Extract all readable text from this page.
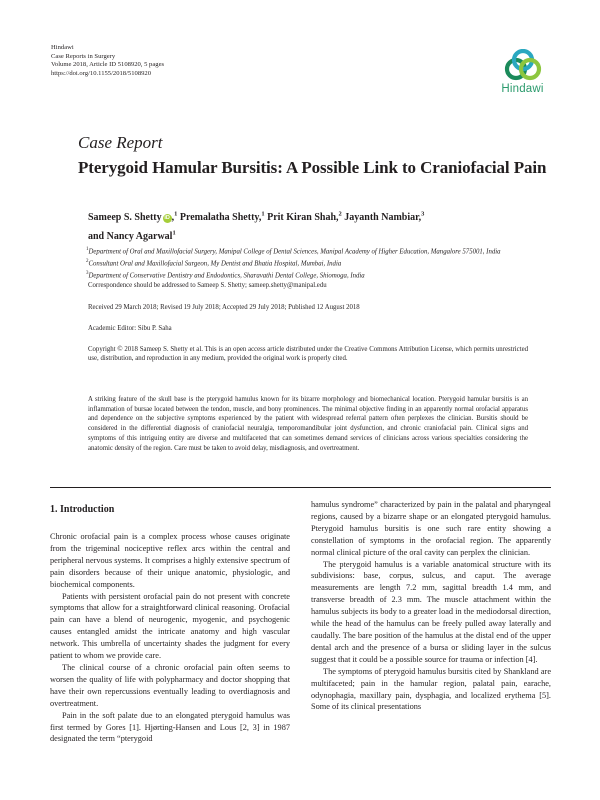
Hindawi
Case Reports in Surgery
Volume 2018, Article ID 5108920, 5 pages
https://doi.org/10.1155/2018/5108920
Hindawi
Case Report
Pterygoid Hamular Bursitis: A Possible Link to Craniofacial Pain
Sameep S. Shetty iD ,$^1$ Premalatha Shetty,$^1$ Prit Kiran Shah,$^2$ Jayanth Nambiar,$^3$
and Nancy Agarwal$^1$
$^1$Department of Oral and Maxillofacial Surgery, Manipal College of Dental Sciences, Manipal Academy of Higher Education, Mangalore 575001, India
$^2$Consultant Oral and Maxillofacial Surgeon, My Dentist and Bhatia Hospital, Mumbai, India
$^3$Department of Conservative Dentistry and Endodontics, Sharavathi Dental College, Shiomoga, India
Correspondence should be addressed to Sameep S. Shetty; sameep.shetty@manipal.edu
Received 29 March 2018; Revised 19 July 2018; Accepted 29 July 2018; Published 12 August 2018
Academic Editor: Sibu P. Saha
Copyright © 2018 Sameep S. Shetty et al. This is an open access article distributed under the Creative Commons Attribution License, which permits unrestricted use, distribution, and reproduction in any medium, provided the original work is properly cited.
A striking feature of the skull base is the pterygoid hamulus known for its bizarre morphology and biomechanical location. Pterygoid hamular bursitis is an inflammation of bursae located between the tendon, muscle, and bony prominences. The minimal objective finding in an apparently normal orofacial apparatus and dependence on the subjective symptoms experienced by the patient with widespread referral pattern often perplexes the clinician. Bursitis should be considered in the differential diagnosis of craniofacial neuralgia, temporomandibular joint dysfunction, and chronic craniofacial pain. Clinical signs and symptoms of this intriguing entity are diverse and multifaceted that can sometimes demand services of clinicians across various specialties considering the anatomic density of the region. Care must be taken to avoid delay, misdiagnosis, and overtreatment.
1. Introduction

Chronic orofacial pain is a complex process whose causes originate from the trigeminal nociceptive reflex arcs within the central and peripheral nervous systems. It comprises a highly extensive spectrum of pain disorders because of their unique anatomic, physiologic, and biochemical components.

Patients with persistent orofacial pain do not present with concrete symptoms that allow for a straightforward clinical reasoning. Orofacial pain can have a blend of neurogenic, myogenic, and psychogenic causes entangled amidst the intricate anatomy and high vascular network. This umbrella of uncertainty shades the judgment for every patient to whom we provide care.

The clinical course of a chronic orofacial pain often seems to worsen the quality of life with polypharmacy and doctor shopping that have their own repercussions eventually leading to overdiagnosis and overtreatment.

Pain in the soft palate due to an elongated pterygoid hamulus was first termed by Gores [1]. Hjørting-Hansen and Lous [2, 3] in 1987 designated the term “pterygoid

hamulus syndrome” characterized by pain in the palatal and pharyngeal regions, caused by a bizarre shape or an elongated pterygoid hamulus. Pterygoid hamulus bursitis is one such rare entity showing a constellation of symptoms in the orofacial region. The apparently normal clinical picture of the oral cavity can perplex the clinician.

The pterygoid hamulus is a variable anatomical structure with its subdivisions: base, corpus, sulcus, and caput. The average measurements are length 7.2 mm, sagittal breadth 1.4 mm, and transverse breadth of 2.3 mm. The muscle attachment within the hamulus subjects its body to a greater load in the mediodorsal direction, while the head of the hamulus can be freely pulled away laterally and caudally. The bare position of the hamulus at the distal end of the upper dental arch and the presence of a bursa or sliding layer in the sulcus suggest that it could be a possible source for trauma or infection [4].

The symptoms of pterygoid hamulus bursitis cited by Shankland are multifaceted; pain in the hamular region, palatal pain, earache, odynophagia, maxillary pain, dysphagia, and localized erythema [5]. Some of its clinical presentations
